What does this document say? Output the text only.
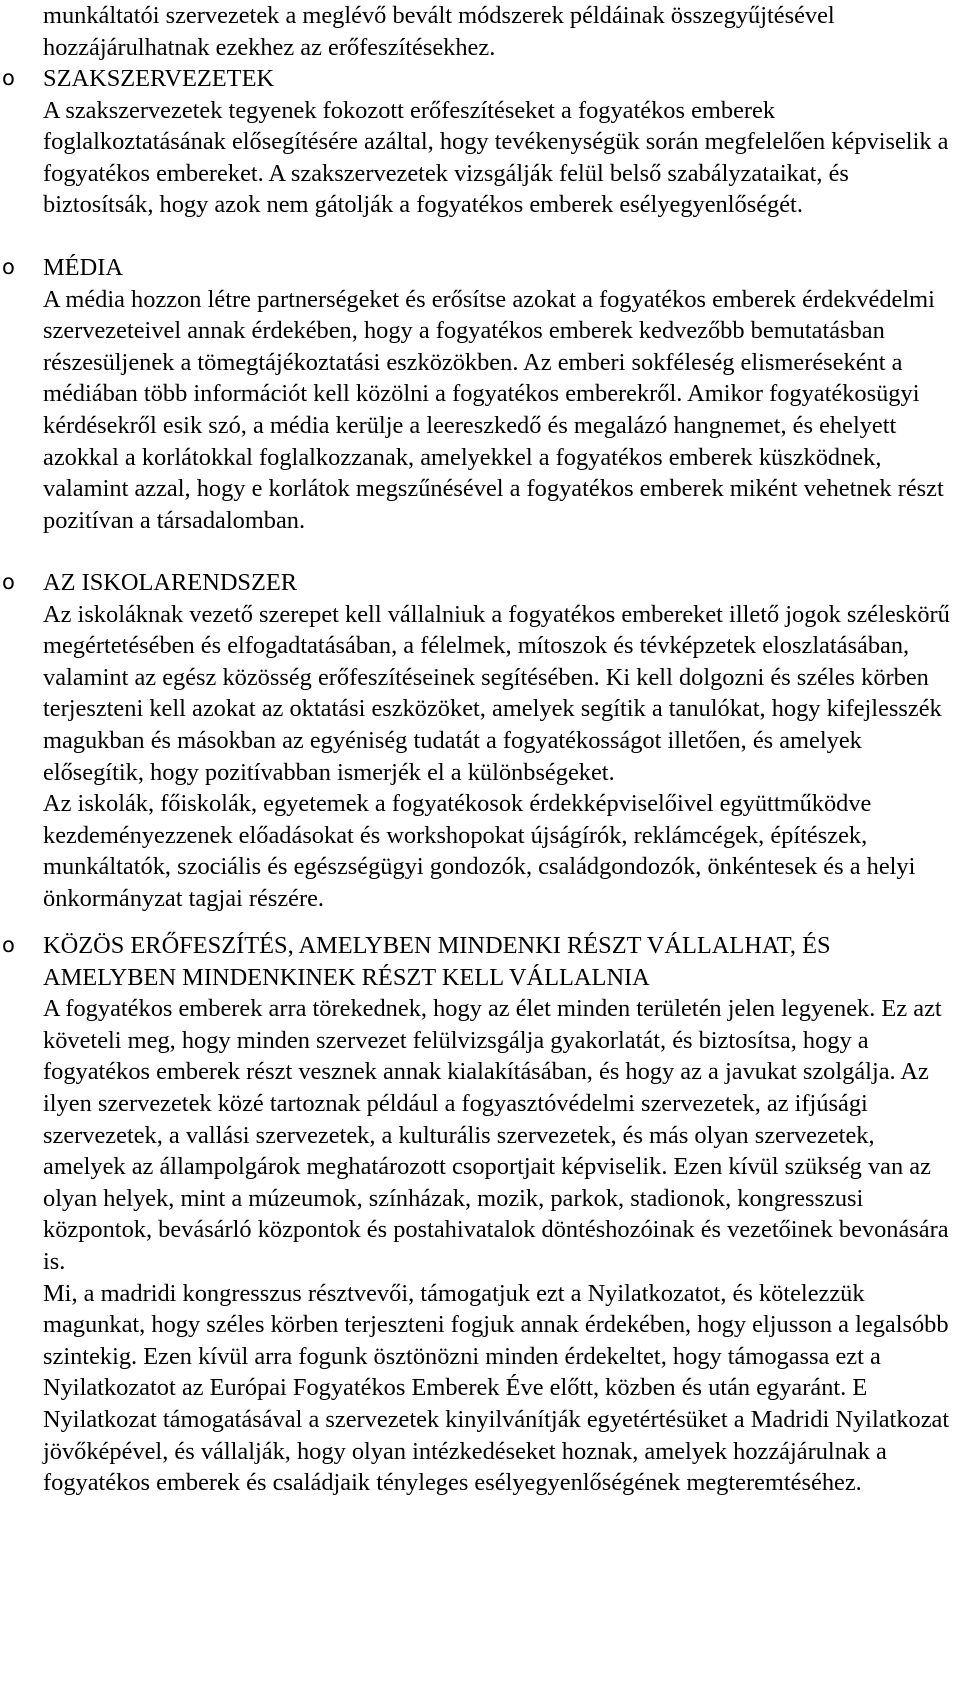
munkáltatói szervezetek a meglévő bevált módszerek példáinak összegyűjtésével hozzájárulhatnak ezekhez az erőfeszítésekhez.

o	SZAKSZERVEZETEK

A szakszervezetek tegyenek fokozott erőfeszítéseket a fogyatékos emberek foglalkoztatásának elősegítésére azáltal, hogy tevékenységük során megfelelően képviselik a fogyatékos embereket. A szakszervezetek vizsgálják felül belső szabályzataikat, és biztosítsák, hogy azok nem gátolják a fogyatékos emberek esélyegyenlőségét.

o	MÉDIA

A média hozzon létre partnerségeket és erősítse azokat a fogyatékos emberek érdekvédelmi szervezeteivel annak érdekében, hogy a fogyatékos emberek kedvezőbb bemutatásban részesüljenek a tömegtájékoztatási eszközökben. Az emberi sokféleség elismeréseként a médiában több információt kell közölni a fogyatékos emberekről. Amikor fogyatékosügyi kérdésekről esik szó, a média kerülje a leereszkedő és megalázó hangnemet, és ehelyett azokkal a korlátokkal foglalkozzanak, amelyekkel a fogyatékos emberek küszködnek, valamint azzal, hogy e korlátok megszűnésével a fogyatékos emberek miként vehetnek részt pozitívan a társadalomban.

o	AZ ISKOLARENDSZER

Az iskoláknak vezető szerepet kell vállalniuk a fogyatékos embereket illető jogok széleskörű megértetésében és elfogadtatásában, a félelmek, mítoszok és tévképzetek eloszlatásában, valamint az egész közösség erőfeszítéseinek segítésében. Ki kell dolgozni és széles körben terjeszteni kell azokat az oktatási eszközöket, amelyek segítik a tanulókat, hogy kifejlesszék magukban és másokban az egyéniség tudatát a fogyatékosságot illetően, és amelyek elősegítik, hogy pozitívabban ismerjék el a különbségeket.

Az iskolák, főiskolák, egyetemek a fogyatékosok érdekképviselőivel együttműködve kezdeményezzenek előadásokat és workshopokat újságírók, reklámcégek, építészek, munkáltatók, szociális és egészségügyi gondozók, családgondozók, önkéntesek és a helyi önkormányzat tagjai részére.

o	KÖZÖS ERŐFESZÍTÉS, AMELYBEN MINDENKI RÉSZT VÁLLALHAT, ÉS AMELYBEN MINDENKINEK RÉSZT KELL VÁLLALNIA

A fogyatékos emberek arra törekednek, hogy az élet minden területén jelen legyenek. Ez azt követeli meg, hogy minden szervezet felülvizsgálja gyakorlatát, és biztosítsa, hogy a fogyatékos emberek részt vesznek annak kialakításában, és hogy az a javukat szolgálja. Az ilyen szervezetek közé tartoznak például a fogyasztóvédelmi szervezetek, az ifjúsági szervezetek, a vallási szervezetek, a kulturális szervezetek, és más olyan szervezetek, amelyek az állampolgárok meghatározott csoportjait képviselik. Ezen kívül szükség van az olyan helyek, mint a múzeumok, színházak, mozik, parkok, stadionok, kongresszusi központok, bevásárló központok és postahivatalok döntéshozóinak és vezetőinek bevonására is.

Mi, a madridi kongresszus résztvevői, támogatjuk ezt a Nyilatkozatot, és kötelezzük magunkat, hogy széles körben terjeszteni fogjuk annak érdekében, hogy eljusson a legalsóbb szintekig. Ezen kívül arra fogunk ösztönözni minden érdekeltet, hogy támogassa ezt a Nyilatkozatot az Európai Fogyatékos Emberek Éve előtt, közben és után egyaránt. E Nyilatkozat támogatásával a szervezetek kinyilvánítják egyetértésüket a Madridi Nyilatkozat jövőképével, és vállalják, hogy olyan intézkedéseket hoznak, amelyek hozzájárulnak a fogyatékos emberek és családjaik tényleges esélyegyenlőségének megteremtéséhez.
